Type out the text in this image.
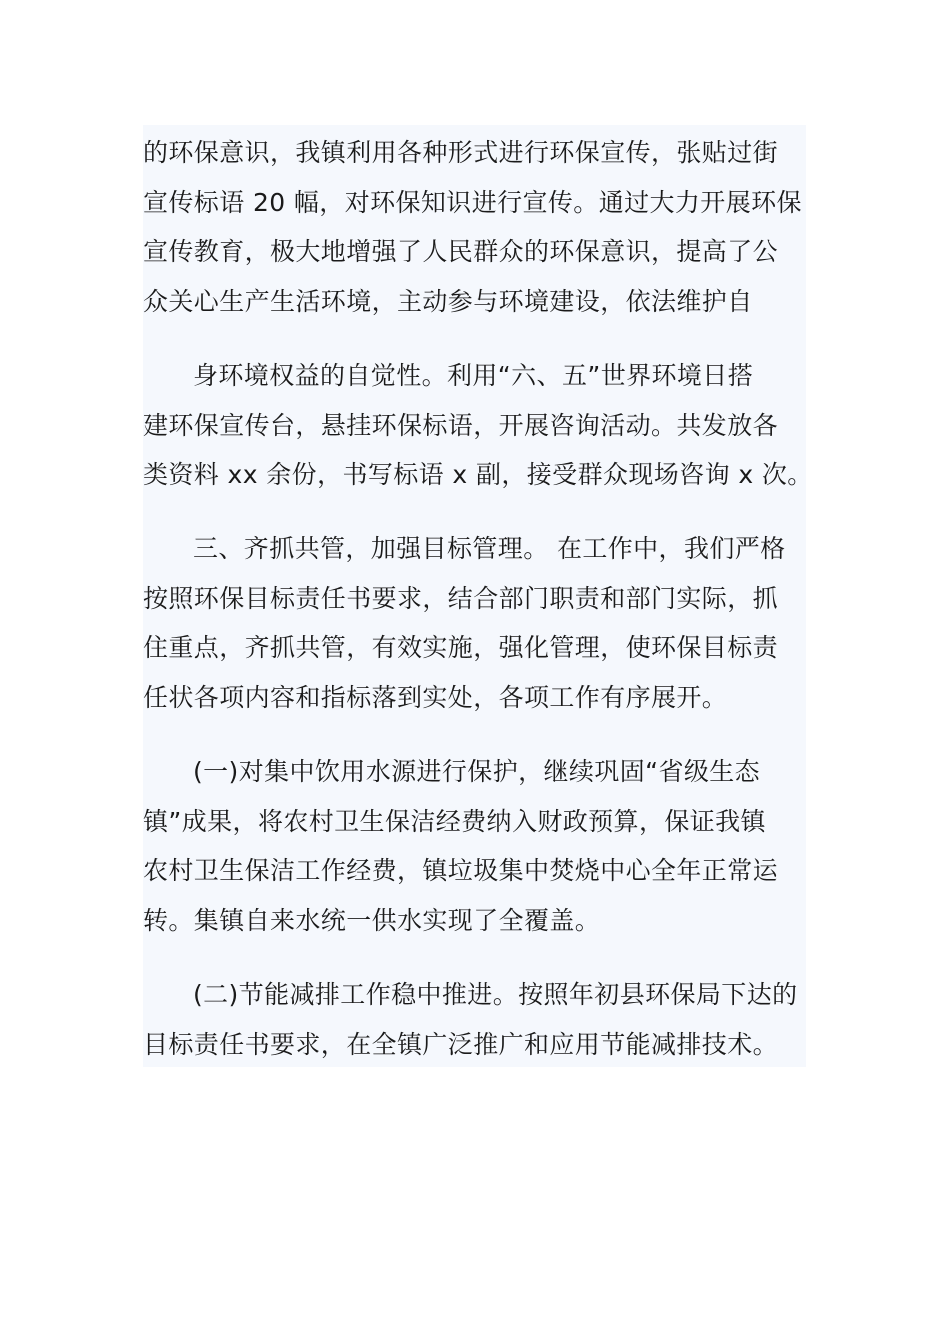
的环保意识，我镇利用各种形式进行环保宣传，张贴过街
宣传标语 20 幅，对环保知识进行宣传。通过大力开展环保
宣传教育，极大地增强了人民群众的环保意识，提高了公
众关心生产生活环境，主动参与环境建设，依法维护自
身环境权益的自觉性。利用“六、五”世界环境日搭
建环保宣传台，悬挂环保标语，开展咨询活动。共发放各
类资料 xx 余份，书写标语 x 副，接受群众现场咨询 x 次。
三、齐抓共管，加强目标管理。 在工作中，我们严格
按照环保目标责任书要求，结合部门职责和部门实际，抓
住重点，齐抓共管，有效实施，强化管理，使环保目标责
任状各项内容和指标落到实处，各项工作有序展开。
(一)对集中饮用水源进行保护，继续巩固“省级生态
镇”成果，将农村卫生保洁经费纳入财政预算，保证我镇
农村卫生保洁工作经费，镇垃圾集中焚烧中心全年正常运
转。集镇自来水统一供水实现了全覆盖。
(二)节能减排工作稳中推进。按照年初县环保局下达的
目标责任书要求，在全镇广泛推广和应用节能减排技术。
